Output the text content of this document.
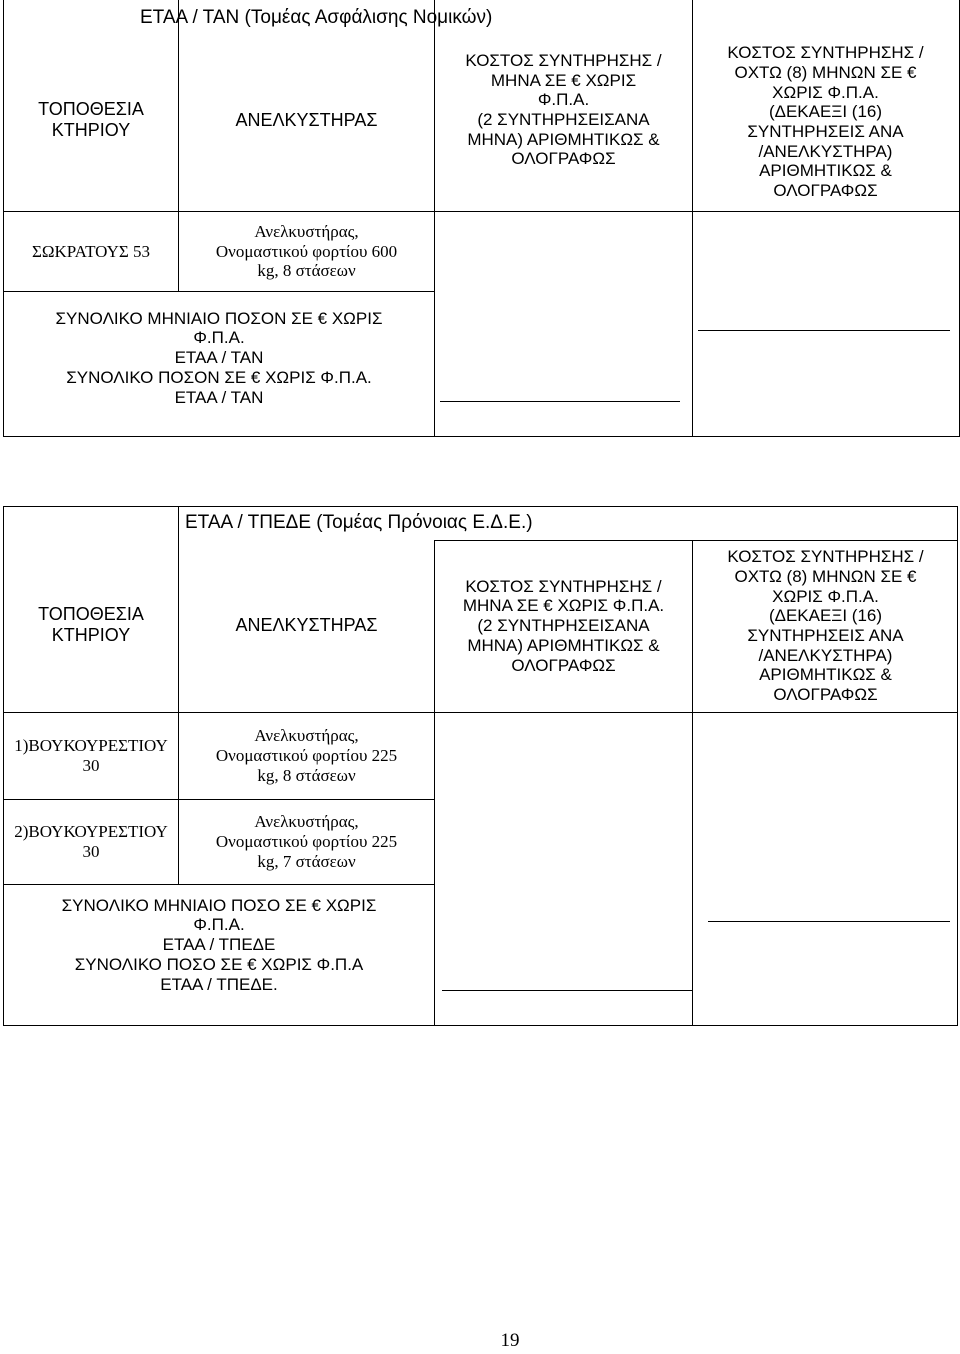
ΕΤΑΑ / ΤΑΝ (Τομέας Ασφάλισης Νομικών)
ΤΟΠΟΘΕΣΙΑ
ΚΤΗΡΙΟΥ
ΑΝΕΛΚΥΣΤΗΡΑΣ
ΚΟΣΤΟΣ ΣΥΝΤΗΡΗΣΗΣ /
ΜΗΝΑ ΣΕ € ΧΩΡΙΣ
Φ.Π.Α.
(2 ΣΥΝΤΗΡΗΣΕΙΣΑΝΑ
ΜΗΝΑ) ΑΡΙΘΜΗΤΙΚΩΣ &
ΟΛΟΓΡΑΦΩΣ
ΚΟΣΤΟΣ ΣΥΝΤΗΡΗΣΗΣ /
ΟΧΤΩ (8) ΜΗΝΩΝ ΣΕ €
ΧΩΡΙΣ Φ.Π.Α.
(ΔΕΚΑΕΞΙ (16)
ΣΥΝΤΗΡΗΣΕΙΣ ΑΝΑ
/ΑΝΕΛΚΥΣΤΗΡΑ)
ΑΡΙΘΜΗΤΙΚΩΣ &
ΟΛΟΓΡΑΦΩΣ
ΣΩΚΡΑΤΟΥΣ 53
Ανελκυστήρας,
Ονομαστικού φορτίου 600
kg, 8 στάσεων
ΣΥΝΟΛΙΚΟ ΜΗΝΙΑΙΟ ΠΟΣΟΝ ΣΕ € ΧΩΡΙΣ
Φ.Π.Α.
ΕΤΑΑ / ΤΑΝ
ΣΥΝΟΛΙΚΟ ΠΟΣΟΝ ΣΕ € ΧΩΡΙΣ Φ.Π.Α.
ΕΤΑΑ / ΤΑΝ
ΕΤΑΑ / ΤΠΕΔΕ (Τομέας Πρόνοιας Ε.Δ.Ε.)
ΤΟΠΟΘΕΣΙΑ
ΚΤΗΡΙΟΥ
ΑΝΕΛΚΥΣΤΗΡΑΣ
ΚΟΣΤΟΣ ΣΥΝΤΗΡΗΣΗΣ /
ΜΗΝΑ ΣΕ € ΧΩΡΙΣ Φ.Π.Α.
(2 ΣΥΝΤΗΡΗΣΕΙΣΑΝΑ
ΜΗΝΑ) ΑΡΙΘΜΗΤΙΚΩΣ &
ΟΛΟΓΡΑΦΩΣ
ΚΟΣΤΟΣ ΣΥΝΤΗΡΗΣΗΣ /
ΟΧΤΩ (8) ΜΗΝΩΝ ΣΕ €
ΧΩΡΙΣ Φ.Π.Α.
(ΔΕΚΑΕΞΙ (16)
ΣΥΝΤΗΡΗΣΕΙΣ ΑΝΑ
/ΑΝΕΛΚΥΣΤΗΡΑ)
ΑΡΙΘΜΗΤΙΚΩΣ &
ΟΛΟΓΡΑΦΩΣ
1)ΒΟΥΚΟΥΡΕΣΤΙΟΥ
30
Ανελκυστήρας,
Ονομαστικού φορτίου 225
kg, 8 στάσεων
2)ΒΟΥΚΟΥΡΕΣΤΙΟΥ
30
Ανελκυστήρας,
Ονομαστικού φορτίου 225
kg, 7 στάσεων
ΣΥΝΟΛΙΚΟ ΜΗΝΙΑΙΟ ΠΟΣΟ ΣΕ € ΧΩΡΙΣ
Φ.Π.Α.
ΕΤΑΑ / ΤΠΕΔΕ
ΣΥΝΟΛΙΚΟ ΠΟΣΟ ΣΕ € ΧΩΡΙΣ Φ.Π.Α
ΕΤΑΑ / ΤΠΕΔΕ.
19
